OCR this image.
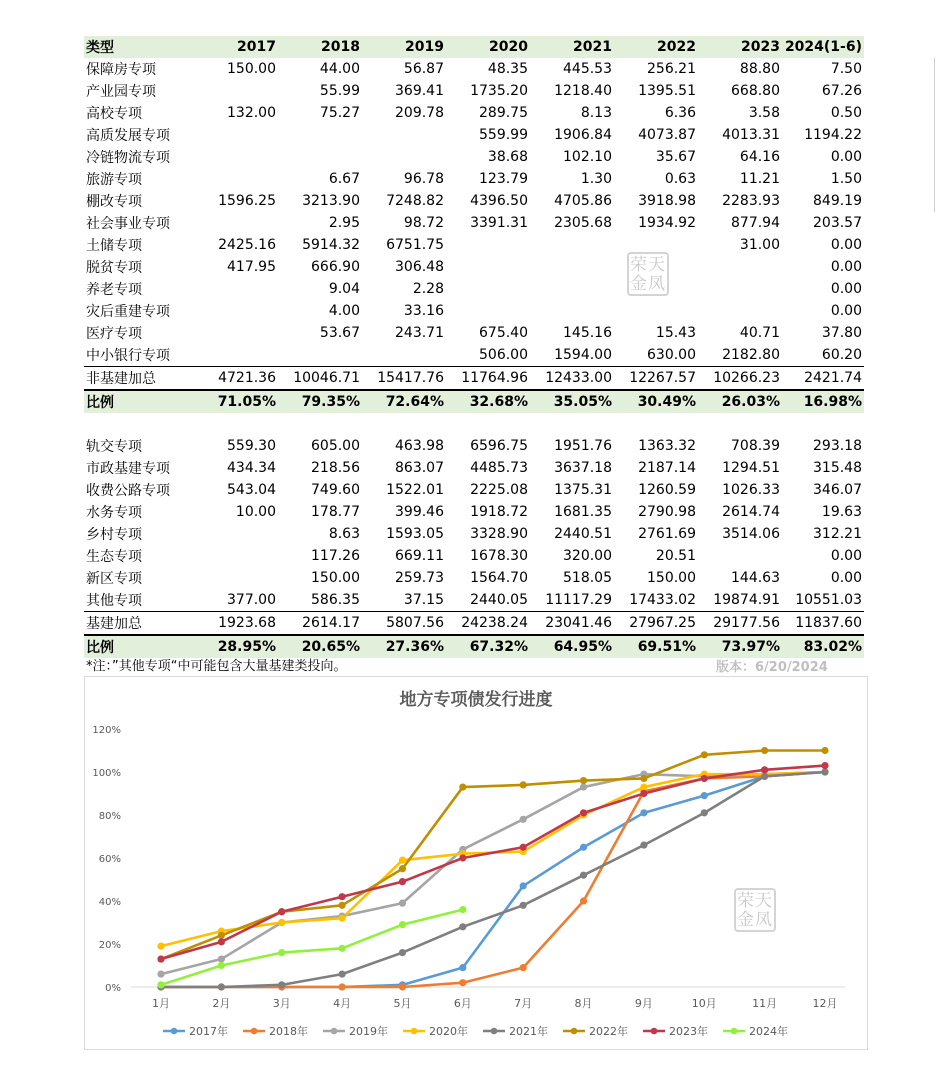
类型	2017	2018	2019	2020	2021	2022	2023	2024(1-6)
保障房专项	150.00	44.00	56.87	48.35	445.53	256.21	88.80	7.50
产业园专项		55.99	369.41	1735.20	1218.40	1395.51	668.80	67.26
高校专项	132.00	75.27	209.78	289.75	8.13	6.36	3.58	0.50
高质发展专项				559.99	1906.84	4073.87	4013.31	1194.22
冷链物流专项				38.68	102.10	35.67	64.16	0.00
旅游专项		6.67	96.78	123.79	1.30	0.63	11.21	1.50
棚改专项	1596.25	3213.90	7248.82	4396.50	4705.86	3918.98	2283.93	849.19
社会事业专项		2.95	98.72	3391.31	2305.68	1934.92	877.94	203.57
土储专项	2425.16	5914.32	6751.75				31.00	0.00
脱贫专项	417.95	666.90	306.48					0.00
养老专项		9.04	2.28					0.00
灾后重建专项		4.00	33.16					0.00
医疗专项		53.67	243.71	675.40	145.16	15.43	40.71	37.80
中小银行专项				506.00	1594.00	630.00	2182.80	60.20
非基建加总	4721.36	10046.71	15417.76	11764.96	12433.00	12267.57	10266.23	2421.74
比例	71.05%	79.35%	72.64%	32.68%	35.05%	30.49%	26.03%	16.98%

轨交专项	559.30	605.00	463.98	6596.75	1951.76	1363.32	708.39	293.18
市政基建专项	434.34	218.56	863.07	4485.73	3637.18	2187.14	1294.51	315.48
收费公路专项	543.04	749.60	1522.01	2225.08	1375.31	1260.59	1026.33	346.07
水务专项	10.00	178.77	399.46	1918.72	1681.35	2790.98	2614.74	19.63
乡村专项		8.63	1593.05	3328.90	2440.51	2761.69	3514.06	312.21
生态专项		117.26	669.11	1678.30	320.00	20.51		0.00
新区专项		150.00	259.73	1564.70	518.05	150.00	144.63	0.00
其他专项	377.00	586.35	37.15	2440.05	11117.29	17433.02	19874.91	10551.03
基建加总	1923.68	2614.17	5807.56	24238.24	23041.46	27967.25	29177.56	11837.60
比例	28.95%	20.65%	27.36%	67.32%	64.95%	69.51%	73.97%	83.02%
*注：”其他专项“中可能包含大量基建类投向。	版本：6/20/2024
地方专项债发行进度
0%
20%
40%
60%
80%
100%
120%
1月	2月	3月	4月	5月	6月	7月	8月	9月	10月	11月	12月
2017年	2018年	2019年	2020年	2021年	2022年	2023年	2024年
荣天
金凤
荣天
金凤
